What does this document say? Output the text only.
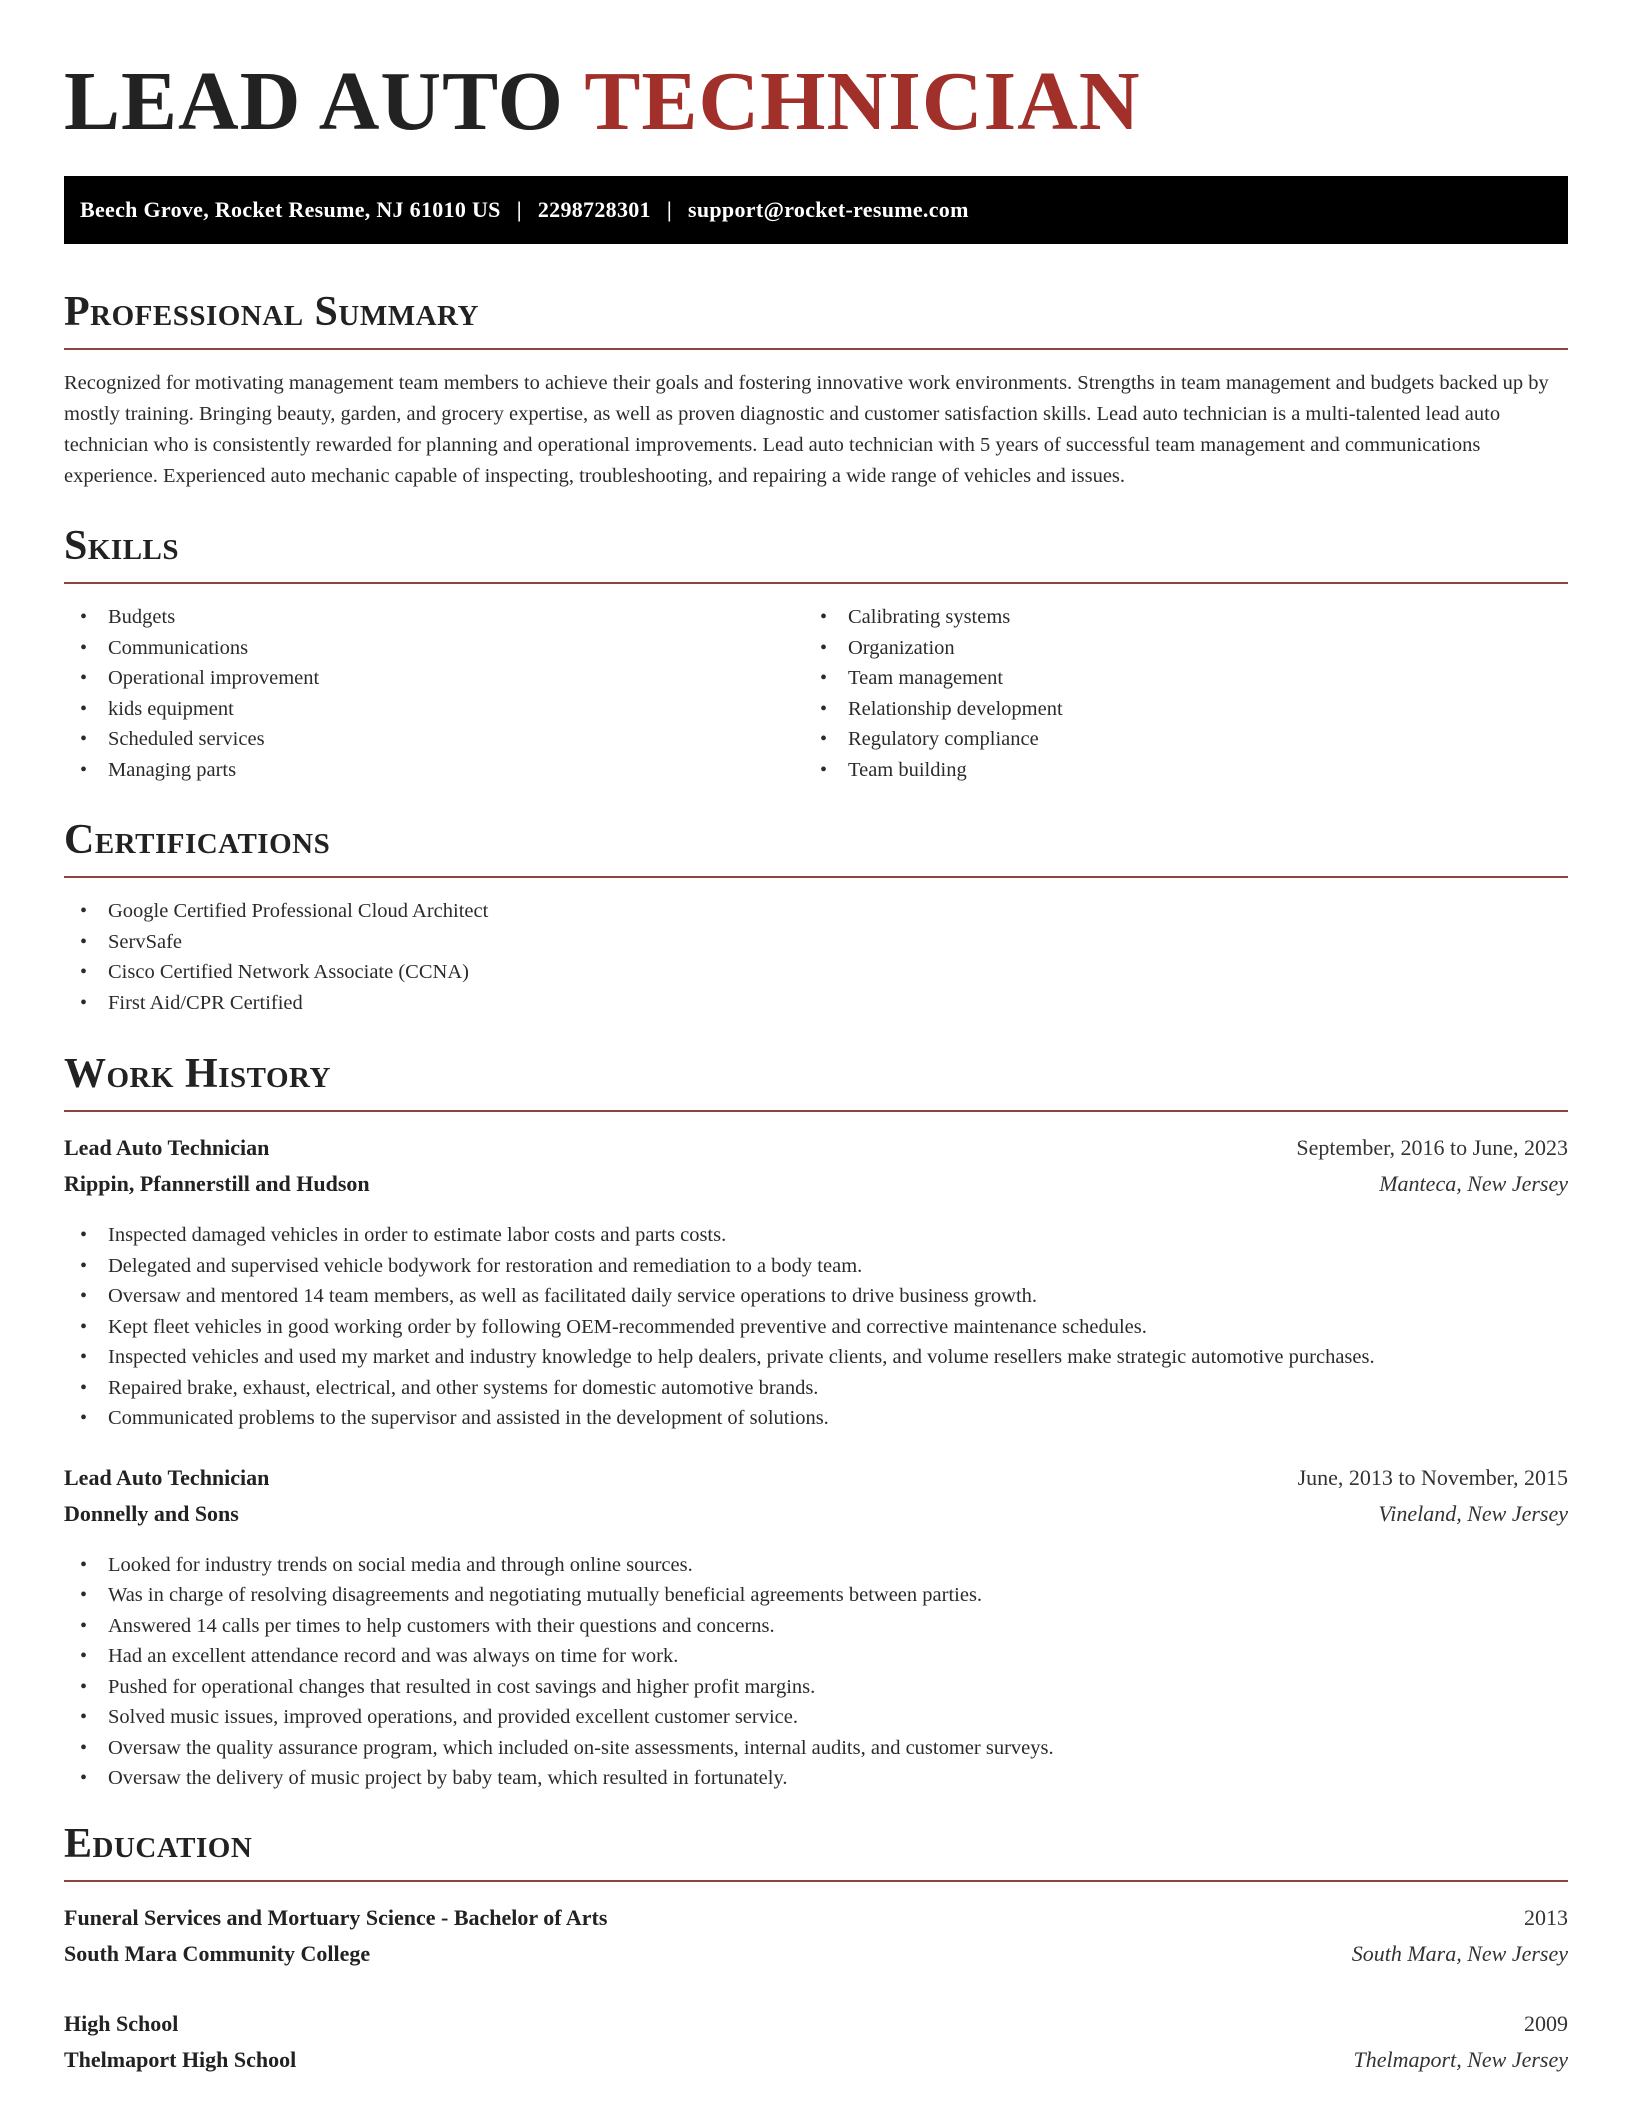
LEAD AUTO TECHNICIAN
Beech Grove, Rocket Resume, NJ 61010 US | 2298728301 | support@rocket-resume.com
Professional Summary

Recognized for motivating management team members to achieve their goals and fostering innovative work environments. Strengths in team management and budgets backed up by mostly training. Bringing beauty, garden, and grocery expertise, as well as proven diagnostic and customer satisfaction skills. Lead auto technician is a multi-talented lead auto technician who is consistently rewarded for planning and operational improvements. Lead auto technician with 5 years of successful team management and communications experience. Experienced auto mechanic capable of inspecting, troubleshooting, and repairing a wide range of vehicles and issues.

Skills
• Budgets
• Communications
• Operational improvement
• kids equipment
• Scheduled services
• Managing parts
• Calibrating systems
• Organization
• Team management
• Relationship development
• Regulatory compliance
• Team building
Certifications
• Google Certified Professional Cloud Architect
• ServSafe
• Cisco Certified Network Associate (CCNA)
• First Aid/CPR Certified
Work History
Lead Auto Technician	September, 2016 to June, 2023
Rippin, Pfannerstill and Hudson	Manteca, New Jersey
• Inspected damaged vehicles in order to estimate labor costs and parts costs.
• Delegated and supervised vehicle bodywork for restoration and remediation to a body team.
• Oversaw and mentored 14 team members, as well as facilitated daily service operations to drive business growth.
• Kept fleet vehicles in good working order by following OEM-recommended preventive and corrective maintenance schedules.
• Inspected vehicles and used my market and industry knowledge to help dealers, private clients, and volume resellers make strategic automotive purchases.
• Repaired brake, exhaust, electrical, and other systems for domestic automotive brands.
• Communicated problems to the supervisor and assisted in the development of solutions.
Lead Auto Technician	June, 2013 to November, 2015
Donnelly and Sons	Vineland, New Jersey
• Looked for industry trends on social media and through online sources.
• Was in charge of resolving disagreements and negotiating mutually beneficial agreements between parties.
• Answered 14 calls per times to help customers with their questions and concerns.
• Had an excellent attendance record and was always on time for work.
• Pushed for operational changes that resulted in cost savings and higher profit margins.
• Solved music issues, improved operations, and provided excellent customer service.
• Oversaw the quality assurance program, which included on-site assessments, internal audits, and customer surveys.
• Oversaw the delivery of music project by baby team, which resulted in fortunately.
Education
Funeral Services and Mortuary Science - Bachelor of Arts	2013
South Mara Community College	South Mara, New Jersey
High School	2009
Thelmaport High School	Thelmaport, New Jersey
